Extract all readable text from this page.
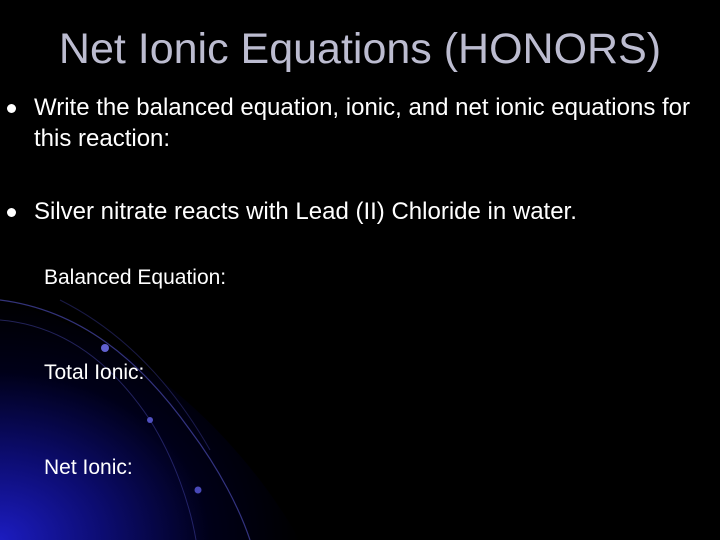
Net Ionic Equations (HONORS)
Write the balanced equation, ionic, and net ionic equations for this reaction:
Silver nitrate reacts with Lead (II) Chloride in water.
Balanced Equation:
Total Ionic:
Net Ionic:
